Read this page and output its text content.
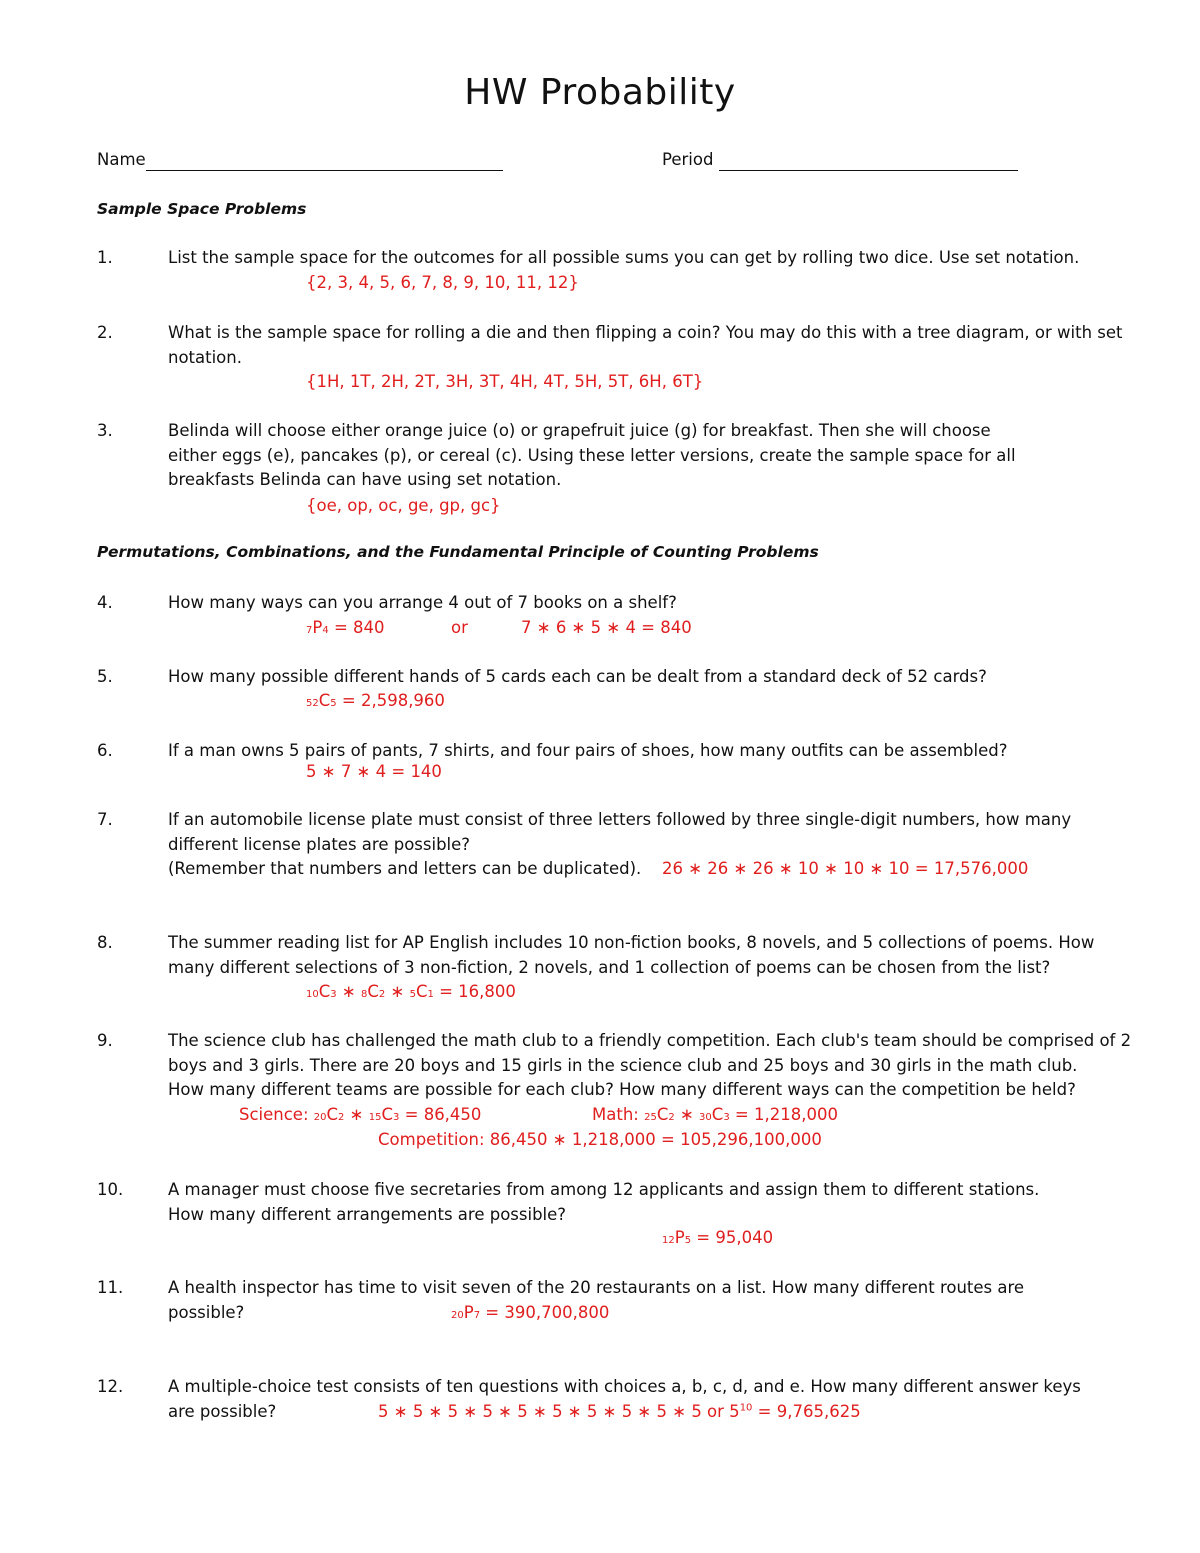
HW Probability
Name	Period
Sample Space Problems
1.	List the sample space for the outcomes for all possible sums you can get by rolling two dice. Use set notation.
{2, 3, 4, 5, 6, 7, 8, 9, 10, 11, 12}
2.	What is the sample space for rolling a die and then flipping a coin? You may do this with a tree diagram, or with set
notation.
{1H, 1T, 2H, 2T, 3H, 3T, 4H, 4T, 5H, 5T, 6H, 6T}
3.	Belinda will choose either orange juice (o) or grapefruit juice (g) for breakfast. Then she will choose
either eggs (e), pancakes (p), or cereal (c). Using these letter versions, create the sample space for all
breakfasts Belinda can have using set notation.
{oe, op, oc, ge, gp, gc}
Permutations, Combinations, and the Fundamental Principle of Counting Problems
4.	How many ways can you arrange 4 out of 7 books on a shelf?
7P4 = 840	or	7 ∗ 6 ∗ 5 ∗ 4 = 840
5.	How many possible different hands of 5 cards each can be dealt from a standard deck of 52 cards?
52C5 = 2,598,960
6.	If a man owns 5 pairs of pants, 7 shirts, and four pairs of shoes, how many outfits can be assembled?
5 ∗ 7 ∗ 4 = 140
7.	If an automobile license plate must consist of three letters followed by three single-digit numbers, how many
different license plates are possible?
(Remember that numbers and letters can be duplicated).	26 ∗ 26 ∗ 26 ∗ 10 ∗ 10 ∗ 10 = 17,576,000
8.	The summer reading list for AP English includes 10 non-fiction books, 8 novels, and 5 collections of poems. How
many different selections of 3 non-fiction, 2 novels, and 1 collection of poems can be chosen from the list?
10C3 ∗ 8C2 ∗ 5C1 = 16,800
9.	The science club has challenged the math club to a friendly competition. Each club's team should be comprised of 2
boys and 3 girls. There are 20 boys and 15 girls in the science club and 25 boys and 30 girls in the math club.
How many different teams are possible for each club? How many different ways can the competition be held?
Science: 20C2 ∗ 15C3 = 86,450	Math: 25C2 ∗ 30C3 = 1,218,000
Competition: 86,450 ∗ 1,218,000 = 105,296,100,000
10.	A manager must choose five secretaries from among 12 applicants and assign them to different stations.
How many different arrangements are possible?
12P5 = 95,040
11.	A health inspector has time to visit seven of the 20 restaurants on a list. How many different routes are
possible?	20P7 = 390,700,800
12.	A multiple-choice test consists of ten questions with choices a, b, c, d, and e. How many different answer keys
are possible?	5 ∗ 5 ∗ 5 ∗ 5 ∗ 5 ∗ 5 ∗ 5 ∗ 5 ∗ 5 ∗ 5 or $5^{10} = 9,765,625$
